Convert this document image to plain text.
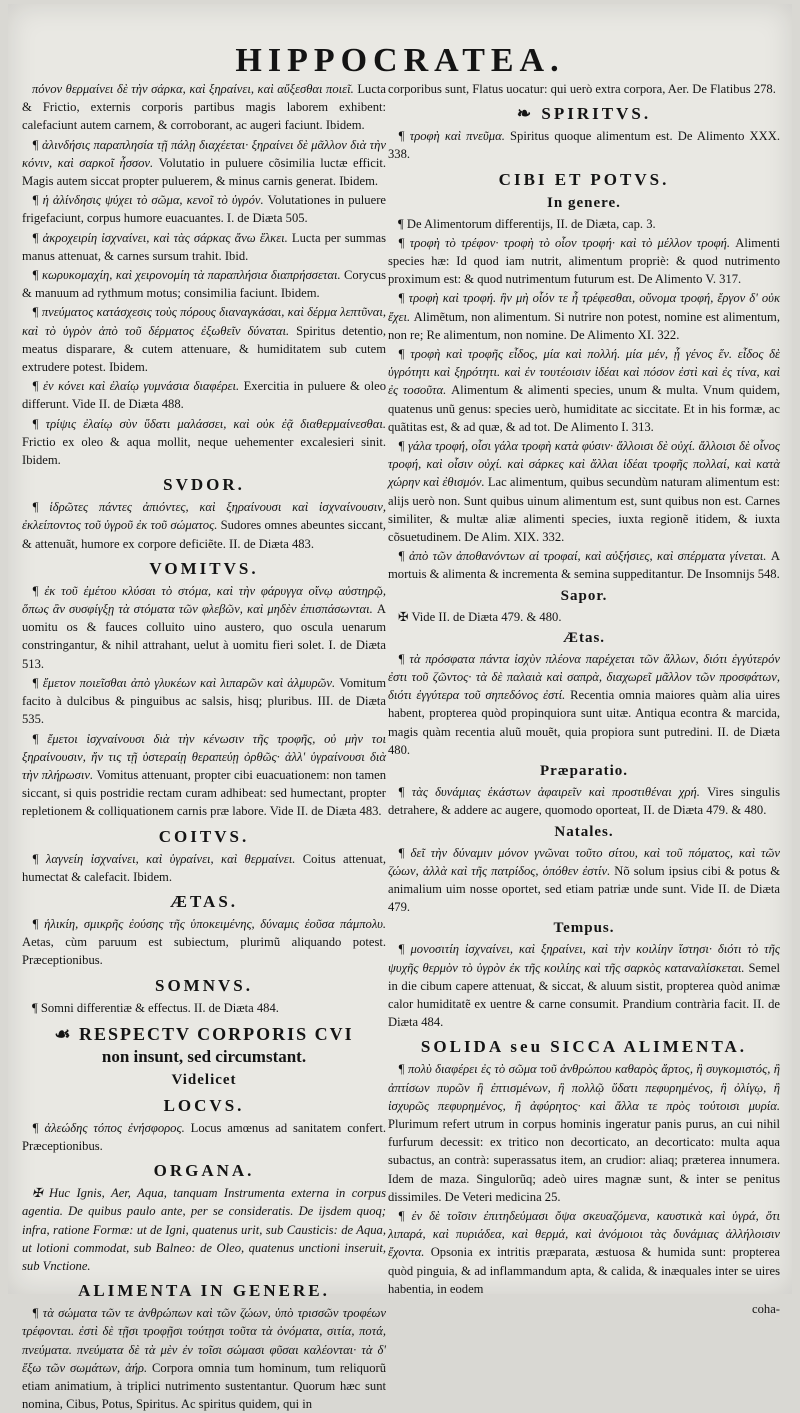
HIPPOCRATEA.

πόνον θερμαίνει δὲ τὴν σάρκα, καὶ ξηραίνει, καὶ αὔξεσθαι ποιεῖ. Lucta & Frictio, externis corporis partibus magis laborem exhibent: calefaciunt autem carnem, & corroborant, ac augeri faciunt. Ibidem.

¶ ἀλινδήσις παραπλησία τῇ πάλῃ διαχέεται· ξηραίνει δὲ μᾶλλον διὰ τὴν κόνιν, καὶ σαρκοῖ ἧσσον. Volutatio in puluere cõsimilia luctæ efficit. Magis autem siccat propter puluerem, & minus carnis generat. Ibidem.

¶ ἡ ἀλίνδησις ψύχει τὸ σῶμα, κενοῖ τὸ ὑγρόν. Volutationes in puluere frigefaciunt, corpus humore euacuantes. I. de Diæta 505.

¶ ἀκροχειρίη ἰσχναίνει, καὶ τὰς σάρκας ἄνω ἕλκει. Lucta per summas manus attenuat, & carnes sursum trahit. Ibid.

¶ κωρυκομαχίη, καὶ χειρονομίη τὰ παραπλήσια διαπρήσσεται. Corycus & manuum ad rythmum motus; consimilia faciunt. Ibidem.

¶ πνεύματος κατάσχεσις τοὺς πόρους διαναγκάσαι, καὶ δέρμα λεπτῦναι, καὶ τὸ ὑγρὸν ἀπὸ τοῦ δέρματος ἐξωθεῖν δύναται. Spiritus detentio, meatus disparare, & cutem attenuare, & humiditatem sub cutem extrudere potest. Ibidem.

¶ ἐν κόνει καὶ ἐλαίῳ γυμνάσια διαφέρει. Exercitia in puluere & oleo differunt. Vide II. de Diæta 488.

¶ τρίψις ἐλαίῳ σὺν ὕδατι μαλάσσει, καὶ οὐκ ἐᾷ διαθερμαίνεσθαι. Frictio ex oleo & aqua mollit, neque uehementer excalesieri sinit. Ibidem.

SVDOR.

¶ ἱδρῶτες πάντες ἀπιόντες, καὶ ξηραίνουσι καὶ ἰσχναίνουσιν, ἐκλείποντος τοῦ ὑγροῦ ἐκ τοῦ σώματος. Sudores omnes abeuntes siccant, & attenuãt, humore ex corpore deficiẽte. II. de Diæta 483.

VOMITVS.

¶ ἐκ τοῦ ἐμέτου κλύσαι τὸ στόμα, καὶ τὴν φάρυγγα οἴνῳ αὐστηρῷ, ὅπως ἂν συσφίγξῃ τὰ στόματα τῶν φλεβῶν, καὶ μηδὲν ἐπισπάσωνται. A uomitu os & fauces colluito uino austero, quo oscula uenarum constringantur, & nihil attrahant, uelut à uomitu fieri solet. I. de Diæta 513.

¶ ἔμετον ποιεῖσθαι ἀπὸ γλυκέων καὶ λιπαρῶν καὶ ἁλμυρῶν. Vomitum facito à dulcibus & pinguibus ac salsis, hisq; pluribus. III. de Diæta 535.

¶ ἔμετοι ἰσχναίνουσι διὰ τὴν κένωσιν τῆς τροφῆς, οὐ μὴν τοι ξηραίνουσιν, ἤν τις τῇ ὑστεραίῃ θεραπεύῃ ὀρθῶς· ἀλλ' ὑγραίνουσι διὰ τὴν πλήρωσιν. Vomitus attenuant, propter cibi euacuationem: non tamen siccant, si quis postridie rectam curam adhibeat: sed humectant, propter repletionem & colliquationem carnis præ labore. Vide II. de Diæta 483.

COITVS.

¶ λαγνείη ἰσχναίνει, καὶ ὑγραίνει, καὶ θερμαίνει. Coitus attenuat, humectat & calefacit. Ibidem.

ÆTAS.

¶ ἡλικίη, σμικρῆς ἐούσης τῆς ὑποκειμένης, δύναμις ἐοῦσα πάμπολυ. Aetas, cùm paruum est subiectum, plurimũ aliquando potest. Præceptionibus.

SOMNVS.

¶ Somni differentiæ & effectus. II. de Diæta 484.

☙ RESPECTV CORPORIS CVI
non insunt, sed circumstant.
Videlicet
LOCVS.

¶ ἀλεώδης τόπος ἐνήσφορος. Locus amœnus ad sanitatem confert. Præceptionibus.

ORGANA.

✠ Huc Ignis, Aer, Aqua, tanquam Instrumenta externa in corpus agentia. De quibus paulo ante, per se consideratis. De ijsdem quoq; infra, ratione Formæ: ut de Igni, quatenus urit, sub Causticis: de Aqua, ut lotioni commodat, sub Balneo: de Oleo, quatenus unctioni inseruit, sub Vnctione.

ALIMENTA IN GENERE.

¶ τὰ σώματα τῶν τε ἀνθρώπων καὶ τῶν ζώων, ὑπὸ τρισσῶν τροφέων τρέφονται. ἐστὶ δὲ τῇσι τροφῇσι τούτῃσι τοῦτα τὰ ὀνόματα, σιτία, ποτά, πνεύματα. πνεύματα δὲ τὰ μὲν ἐν τοῖσι σώμασι φῦσαι καλέονται· τὰ δ' ἔξω τῶν σωμάτων, ἀήρ. Corpora omnia tum hominum, tum reliquorũ etiam animatium, à triplici nutrimento sustentantur. Quorum hæc sunt nomina, Cibus, Potus, Spiritus. Ac spiritus quidem, qui in

corporibus sunt, Flatus uocatur: qui uerò extra corpora, Aer. De Flatibus 278.

❧ SPIRITVS.

¶ τροφὴ καὶ πνεῦμα. Spiritus quoque alimentum est. De Alimento XXX. 338.

CIBI ET POTVS.
In genere.

¶ De Alimentorum differentijs, II. de Diæta, cap. 3.

¶ τροφὴ τὸ τρέφον· τροφὴ τὸ οἷον τροφή· καὶ τὸ μέλλον τροφή. Alimenti species hæ: Id quod iam nutrit, alimentum propriè: & quod nutrimento proximum est: & quod nutrimentum futurum est. De Alimento V. 317.

¶ τροφὴ καὶ τροφή. ἢν μὴ οἷόν τε ἦ τρέφεσθαι, οὔνομα τροφή, ἔργον δ' οὐκ ἔχει. Alimẽtum, non alimentum. Si nutrire non potest, nomine est alimentum, non re; Re alimentum, non nomine. De Alimento XI. 322.

¶ τροφὴ καὶ τροφῆς εἶδος, μία καὶ πολλή. μία μέν, ᾗ γένος ἕν. εἶδος δὲ ὑγρότητι καὶ ξηρότητι. καὶ ἐν τουτέοισιν ἰδέαι καὶ πόσον ἐστὶ καὶ ἐς τίνα, καὶ ἐς τοσοῦτα. Alimentum & alimenti species, unum & multa. Vnum quidem, quatenus unũ genus: species uerò, humiditate ac siccitate. Et in his formæ, ac quãtitas est, & ad quæ, & ad tot. De Alimento I. 313.

¶ γάλα τροφή, οἷσι γάλα τροφὴ κατὰ φύσιν· ἄλλοισι δὲ οὐχί. ἄλλοισι δὲ οἶνος τροφή, καὶ οἷσιν οὐχί. καὶ σάρκες καὶ ἄλλαι ἰδέαι τροφῆς πολλαί, καὶ κατὰ χώρην καὶ ἐθισμόν. Lac alimentum, quibus secundùm naturam alimentum est: alijs uerò non. Sunt quibus uinum alimentum est, sunt quibus non est. Carnes similiter, & multæ aliæ alimenti species, iuxta regionẽ itidem, & iuxta cõsuetudinem. De Alim. XIX. 332.

¶ ἀπὸ τῶν ἀποθανόντων αἱ τροφαί, καὶ αὐξήσιες, καὶ σπέρματα γίνεται. A mortuis & alimenta & incrementa & semina suppeditantur. De Insomnijs 548.

Sapor.

✠ Vide II. de Diæta 479. & 480.

Ætas.

¶ τὰ πρόσφατα πάντα ἰσχὺν πλέονα παρέχεται τῶν ἄλλων, διότι ἐγγύτερόν ἐστι τοῦ ζῶντος· τὰ δὲ παλαιὰ καὶ σαπρὰ, διαχωρεῖ μᾶλλον τῶν προσφάτων, διότι ἐγγύτερα τοῦ σηπεδόνος ἐστί. Recentia omnia maiores quàm alia uires habent, propterea quòd propinquiora sunt uitæ. Antiqua econtra & marcida, magis quàm recentia aluũ mouẽt, quia propiora sunt putredini. II. de Diæta 480.

Præparatio.

¶ τὰς δυνάμιας ἑκάστων ἀφαιρεῖν καὶ προστιθέναι χρή. Vires singulis detrahere, & addere ac augere, quomodo oporteat, II. de Diæta 479. & 480.

Natales.

¶ δεῖ τὴν δύναμιν μόνον γνῶναι τοῦτο σίτου, καὶ τοῦ πόματος, καὶ τῶν ζώων, ἀλλὰ καὶ τῆς πατρίδος, ὁπόθεν ἐστίν. Nõ solum ipsius cibi & potus & animalium uim nosse oportet, sed etiam patriæ unde sunt. Vide II. de Diæta 479.

Tempus.

¶ μονοσιτίη ἰσχναίνει, καὶ ξηραίνει, καὶ τὴν κοιλίην ἵστησι· διότι τὸ τῆς ψυχῆς θερμὸν τὸ ὑγρὸν ἐκ τῆς κοιλίης καὶ τῆς σαρκὸς καταναλίσκεται. Semel in die cibum capere attenuat, & siccat, & aluum sistit, propterea quòd animæ calor humiditatẽ ex uentre & carne consumit. Prandium contrària facit. II. de Diæta 484.

SOLIDA seu SICCA ALIMENTA.

¶ πολὺ διαφέρει ἐς τὸ σῶμα τοῦ ἀνθρώπου καθαρὸς ἄρτος, ἢ συγκομιστός, ἢ ἀπτίσων πυρῶν ἢ ἐπτισμένων, ἢ πολλῷ ὕδατι πεφυρημένος, ἢ ὀλίγῳ, ἢ ἰσχυρῶς πεφυρημένος, ἢ ἀφύρητος· καὶ ἄλλα τε πρὸς τούτοισι μυρία. Plurimum refert utrum in corpus hominis ingeratur panis purus, an cui nihil furfurum decessit: ex tritico non decorticato, an decorticato: multa aqua subactus, an contrà: superassatus item, an crudior: aliaq; præterea innumera. Idem de maza. Singulorũq; adeò uires magnæ sunt, & inter se penitus dissimiles. De Veteri medicina 25.

¶ ἐν δὲ τοῖσιν ἐπιτηδεύμασι ὄψα σκευαζόμενα, καυστικὰ καὶ ὑγρά, ὅτι λιπαρά, καὶ πυριάδεα, καὶ θερμά, καὶ ἀνόμοιοι τὰς δυνάμιας ἀλλήλοισιν ἔχοντα. Opsonia ex intritis præparata, æstuosa & humida sunt: propterea quòd pinguia, & ad inflammandum apta, & calida, & inæquales inter se uires habentia, in eodem

coha-
